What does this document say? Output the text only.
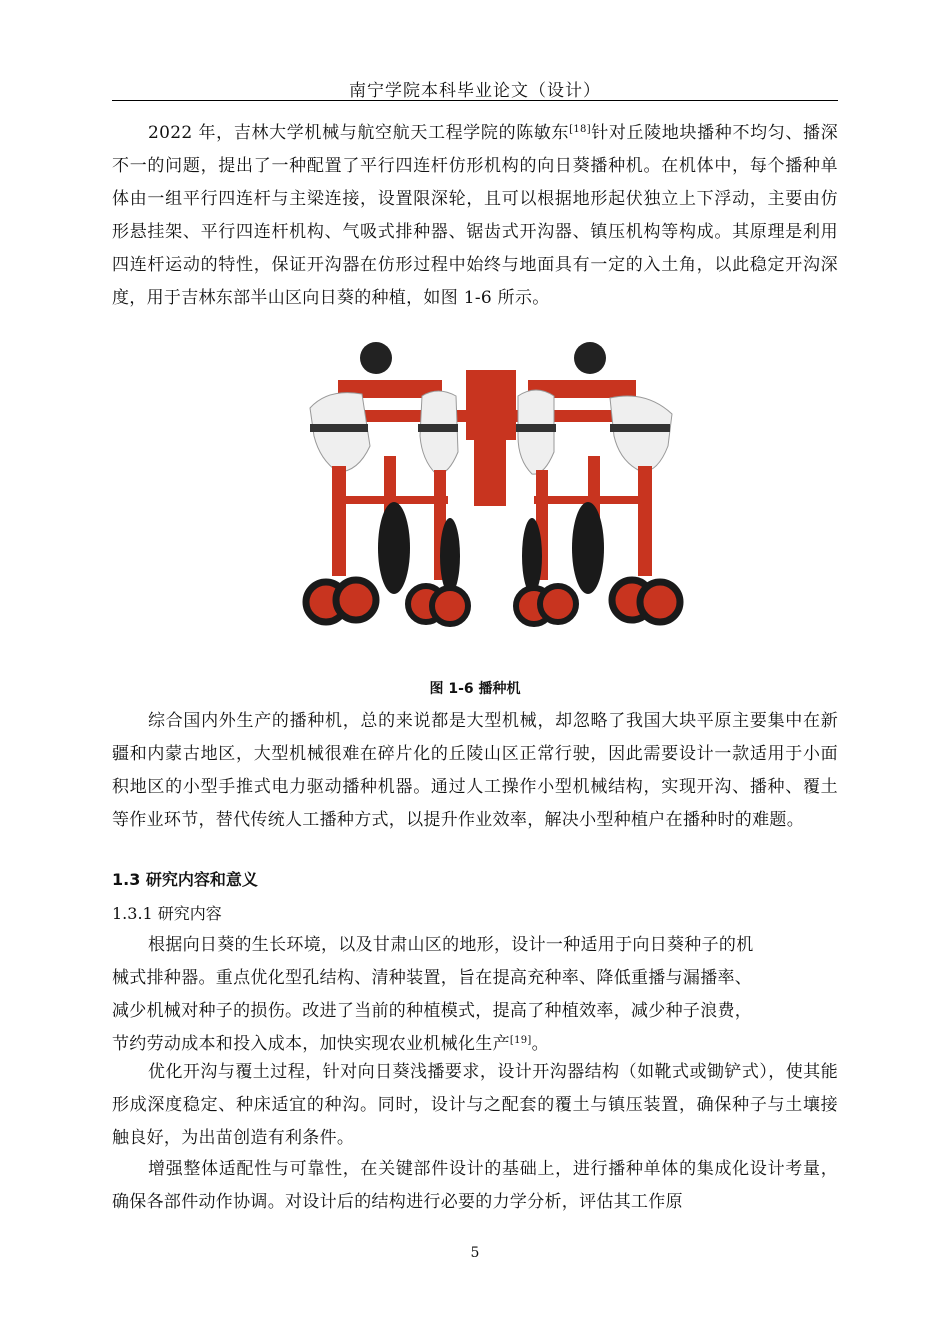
南宁学院本科毕业论文（设计）

2022 年，吉林大学机械与航空航天工程学院的陈敏东[18]针对丘陵地块播种不均匀、播深不一的问题，提出了一种配置了平行四连杆仿形机构的向日葵播种机。在机体中，每个播种单体由一组平行四连杆与主梁连接，设置限深轮，且可以根据地形起伏独立上下浮动，主要由仿形悬挂架、平行四连杆机构、气吸式排种器、锯齿式开沟器、镇压机构等构成。其原理是利用四连杆运动的特性，保证开沟器在仿形过程中始终与地面具有一定的入土角，以此稳定开沟深度，用于吉林东部半山区向日葵的种植，如图 1-6 所示。

图 1-6 播种机

综合国内外生产的播种机，总的来说都是大型机械，却忽略了我国大块平原主要集中在新疆和内蒙古地区，大型机械很难在碎片化的丘陵山区正常行驶，因此需要设计一款适用于小面积地区的小型手推式电力驱动播种机器。通过人工操作小型机械结构，实现开沟、播种、覆土等作业环节，替代传统人工播种方式，以提升作业效率，解决小型种植户在播种时的难题。

1.3 研究内容和意义
1.3.1 研究内容
根据向日葵的生长环境，以及甘肃山区的地形，设计一种适用于向日葵种子的机
械式排种器。重点优化型孔结构、清种装置，旨在提高充种率、降低重播与漏播率、
减少机械对种子的损伤。改进了当前的种植模式，提高了种植效率，减少种子浪费，
节约劳动成本和投入成本，加快实现农业机械化生产[19]。

优化开沟与覆土过程，针对向日葵浅播要求，设计开沟器结构（如靴式或锄铲式），使其能形成深度稳定、种床适宜的种沟。同时，设计与之配套的覆土与镇压装置，确保种子与土壤接触良好，为出苗创造有利条件。

增强整体适配性与可靠性，在关键部件设计的基础上，进行播种单体的集成化设计考量，确保各部件动作协调。对设计后的结构进行必要的力学分析，评估其工作原

5
